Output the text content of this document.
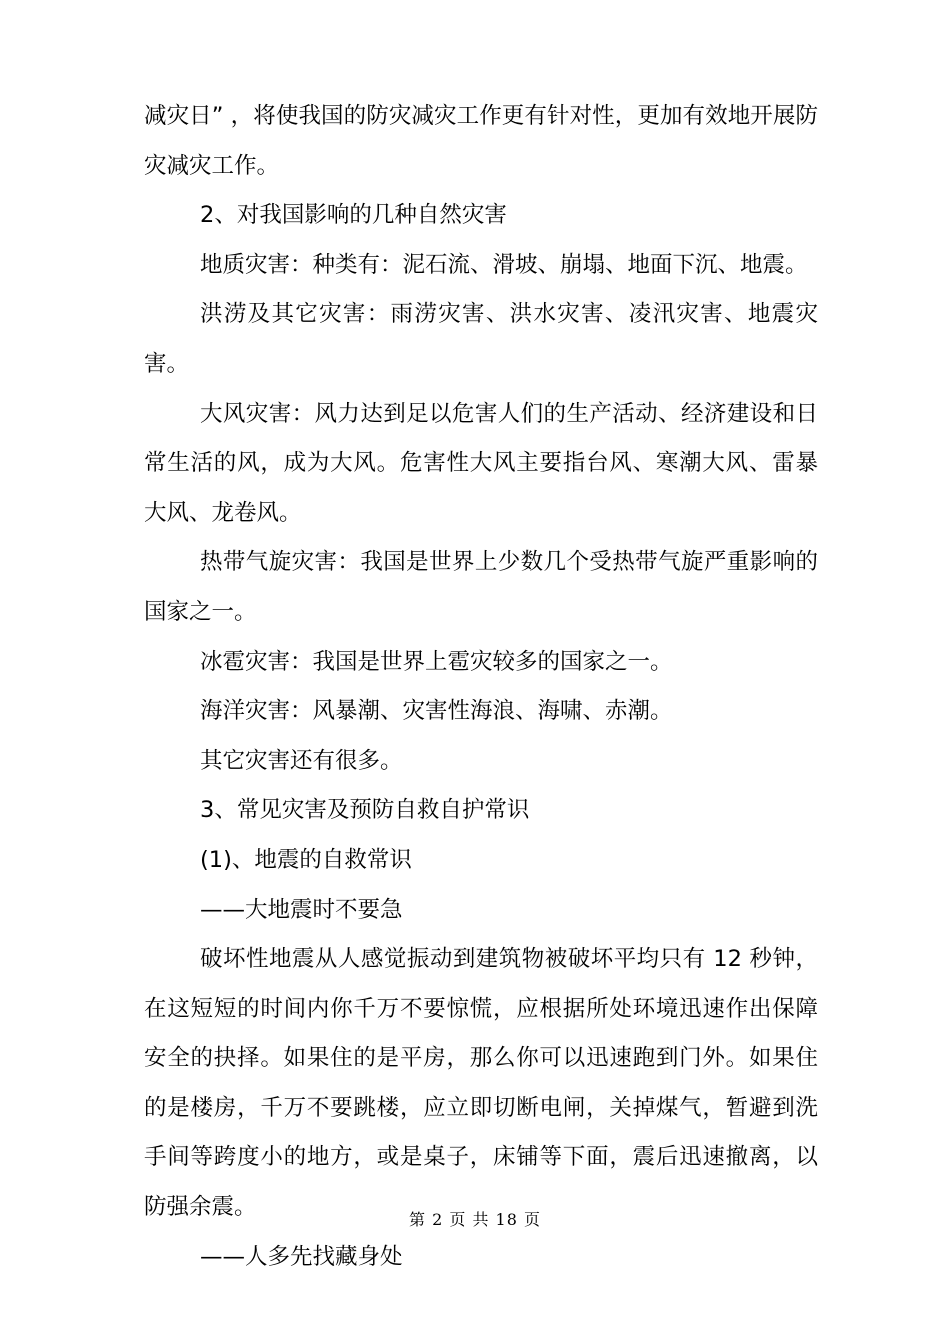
减灾日” ，将使我国的防灾减灾工作更有针对性，更加有效地开展防灾减灾工作。

2、对我国影响的几种自然灾害

地质灾害：种类有：泥石流、滑坡、崩塌、地面下沉、地震。

洪涝及其它灾害：雨涝灾害、洪水灾害、凌汛灾害、地震灾害。

大风灾害：风力达到足以危害人们的生产活动、经济建设和日常生活的风，成为大风。危害性大风主要指台风、寒潮大风、雷暴大风、龙卷风。

热带气旋灾害：我国是世界上少数几个受热带气旋严重影响的国家之一。

冰雹灾害：我国是世界上雹灾较多的国家之一。

海洋灾害：风暴潮、灾害性海浪、海啸、赤潮。

其它灾害还有很多。

3、常见灾害及预防自救自护常识

(1)、地震的自救常识

——大地震时不要急

破坏性地震从人感觉振动到建筑物被破坏平均只有 12 秒钟，在这短短的时间内你千万不要惊慌，应根据所处环境迅速作出保障安全的抉择。如果住的是平房，那么你可以迅速跑到门外。如果住的是楼房，千万不要跳楼，应立即切断电闸，关掉煤气，暂避到洗手间等跨度小的地方，或是桌子，床铺等下面，震后迅速撤离，以防强余震。

——人多先找藏身处

第 2 页 共 18 页
